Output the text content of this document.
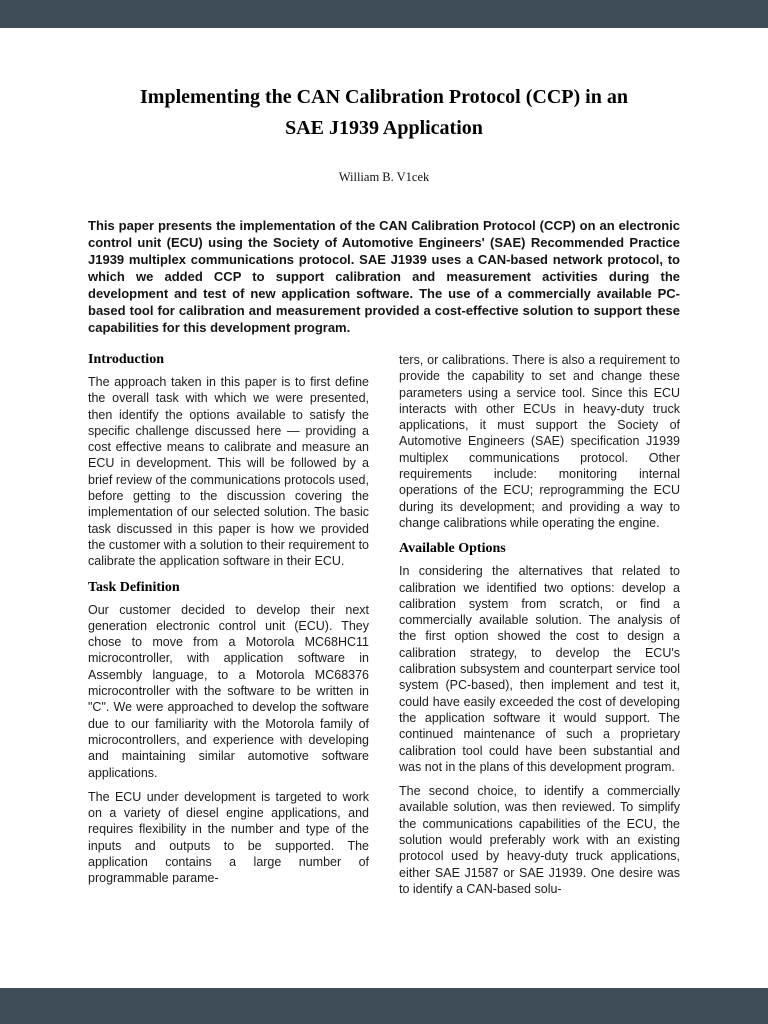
Implementing the CAN Calibration Protocol (CCP) in an
SAE J1939 Application
William B. V1cek

This paper presents the implementation of the CAN Calibration Protocol (CCP) on an electronic control unit (ECU) using the Society of Automotive Engineers' (SAE) Recommended Practice J1939 multiplex communications protocol. SAE J1939 uses a CAN-based network protocol, to which we added CCP to support calibration and measurement activities during the development and test of new application software. The use of a commercially available PC-based tool for calibration and measurement provided a cost-effective solution to support these capabilities for this development program.

Introduction

The approach taken in this paper is to first define the overall task with which we were presented, then identify the options available to satisfy the specific challenge discussed here — providing a cost effective means to calibrate and measure an ECU in development. This will be followed by a brief review of the communications protocols used, before getting to the discussion covering the implementation of our selected solution. The basic task discussed in this paper is how we provided the customer with a solution to their requirement to calibrate the application software in their ECU.

Task Definition

Our customer decided to develop their next generation electronic control unit (ECU). They chose to move from a Motorola MC68HC11 microcontroller, with application software in Assembly language, to a Motorola MC68376 microcontroller with the software to be written in "C". We were approached to develop the software due to our familiarity with the Motorola family of microcontrollers, and experience with developing and maintaining similar automotive software applications.

The ECU under development is targeted to work on a variety of diesel engine applications, and requires flexibility in the number and type of the inputs and outputs to be supported. The application contains a large number of programmable parame-

ters, or calibrations. There is also a requirement to provide the capability to set and change these parameters using a service tool. Since this ECU interacts with other ECUs in heavy-duty truck applications, it must support the Society of Automotive Engineers (SAE) specification J1939 multiplex communications protocol. Other requirements include: monitoring internal operations of the ECU; reprogramming the ECU during its development; and providing a way to change calibrations while operating the engine.

Available Options

In considering the alternatives that related to calibration we identified two options: develop a calibration system from scratch, or find a commercially available solution. The analysis of the first option showed the cost to design a calibration strategy, to develop the ECU's calibration subsystem and counterpart service tool system (PC-based), then implement and test it, could have easily exceeded the cost of developing the application software it would support. The continued maintenance of such a proprietary calibration tool could have been substantial and was not in the plans of this development program.

The second choice, to identify a commercially available solution, was then reviewed. To simplify the communications capabilities of the ECU, the solution would preferably work with an existing protocol used by heavy-duty truck applications, either SAE J1587 or SAE J1939. One desire was to identify a CAN-based solu-
